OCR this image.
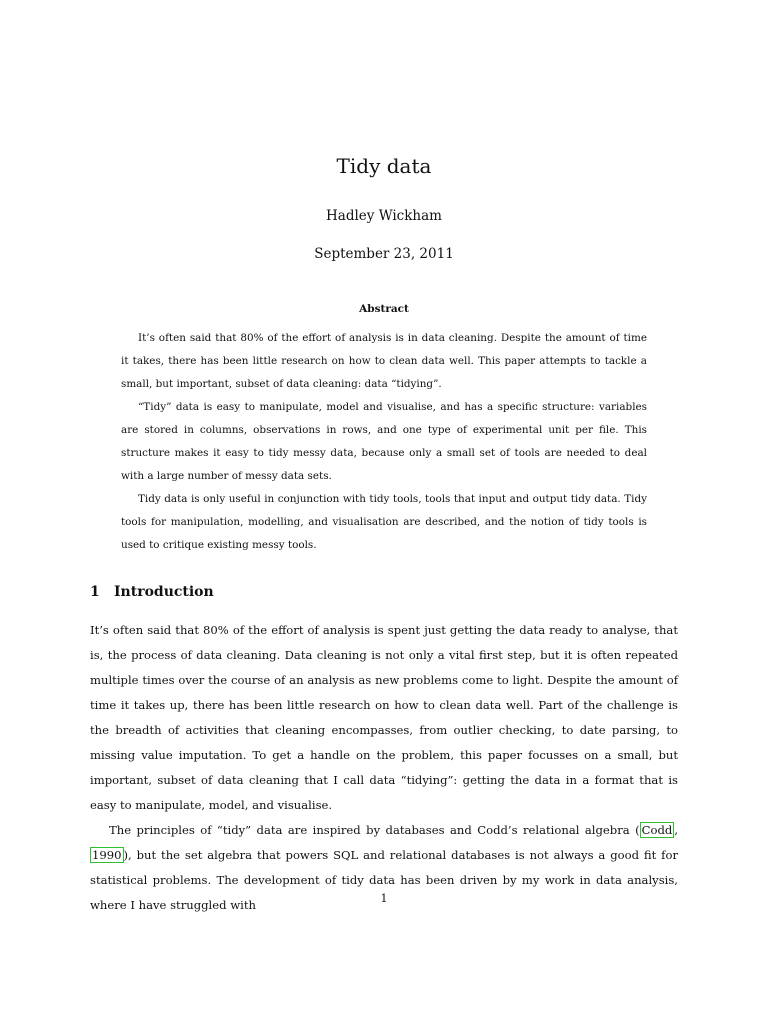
Tidy data
Hadley Wickham
September 23, 2011
Abstract

It’s often said that 80% of the effort of analysis is in data cleaning. Despite the amount of time it takes, there has been little research on how to clean data well. This paper attempts to tackle a small, but important, subset of data cleaning: data “tidying”.

“Tidy” data is easy to manipulate, model and visualise, and has a specific structure: variables are stored in columns, observations in rows, and one type of experimental unit per file. This structure makes it easy to tidy messy data, because only a small set of tools are needed to deal with a large number of messy data sets.

Tidy data is only useful in conjunction with tidy tools, tools that input and output tidy data. Tidy tools for manipulation, modelling, and visualisation are described, and the notion of tidy tools is used to critique existing messy tools.

1 Introduction

It’s often said that 80% of the effort of analysis is spent just getting the data ready to analyse, that is, the process of data cleaning. Data cleaning is not only a vital first step, but it is often repeated multiple times over the course of an analysis as new problems come to light. Despite the amount of time it takes up, there has been little research on how to clean data well. Part of the challenge is the breadth of activities that cleaning encompasses, from outlier checking, to date parsing, to missing value imputation. To get a handle on the problem, this paper focusses on a small, but important, subset of data cleaning that I call data “tidying”: getting the data in a format that is easy to manipulate, model, and visualise.

The principles of “tidy” data are inspired by databases and Codd’s relational algebra ( Codd , 1990 ), but the set algebra that powers SQL and relational databases is not always a good fit for statistical problems. The development of tidy data has been driven by my work in data analysis, where I have struggled with	1
